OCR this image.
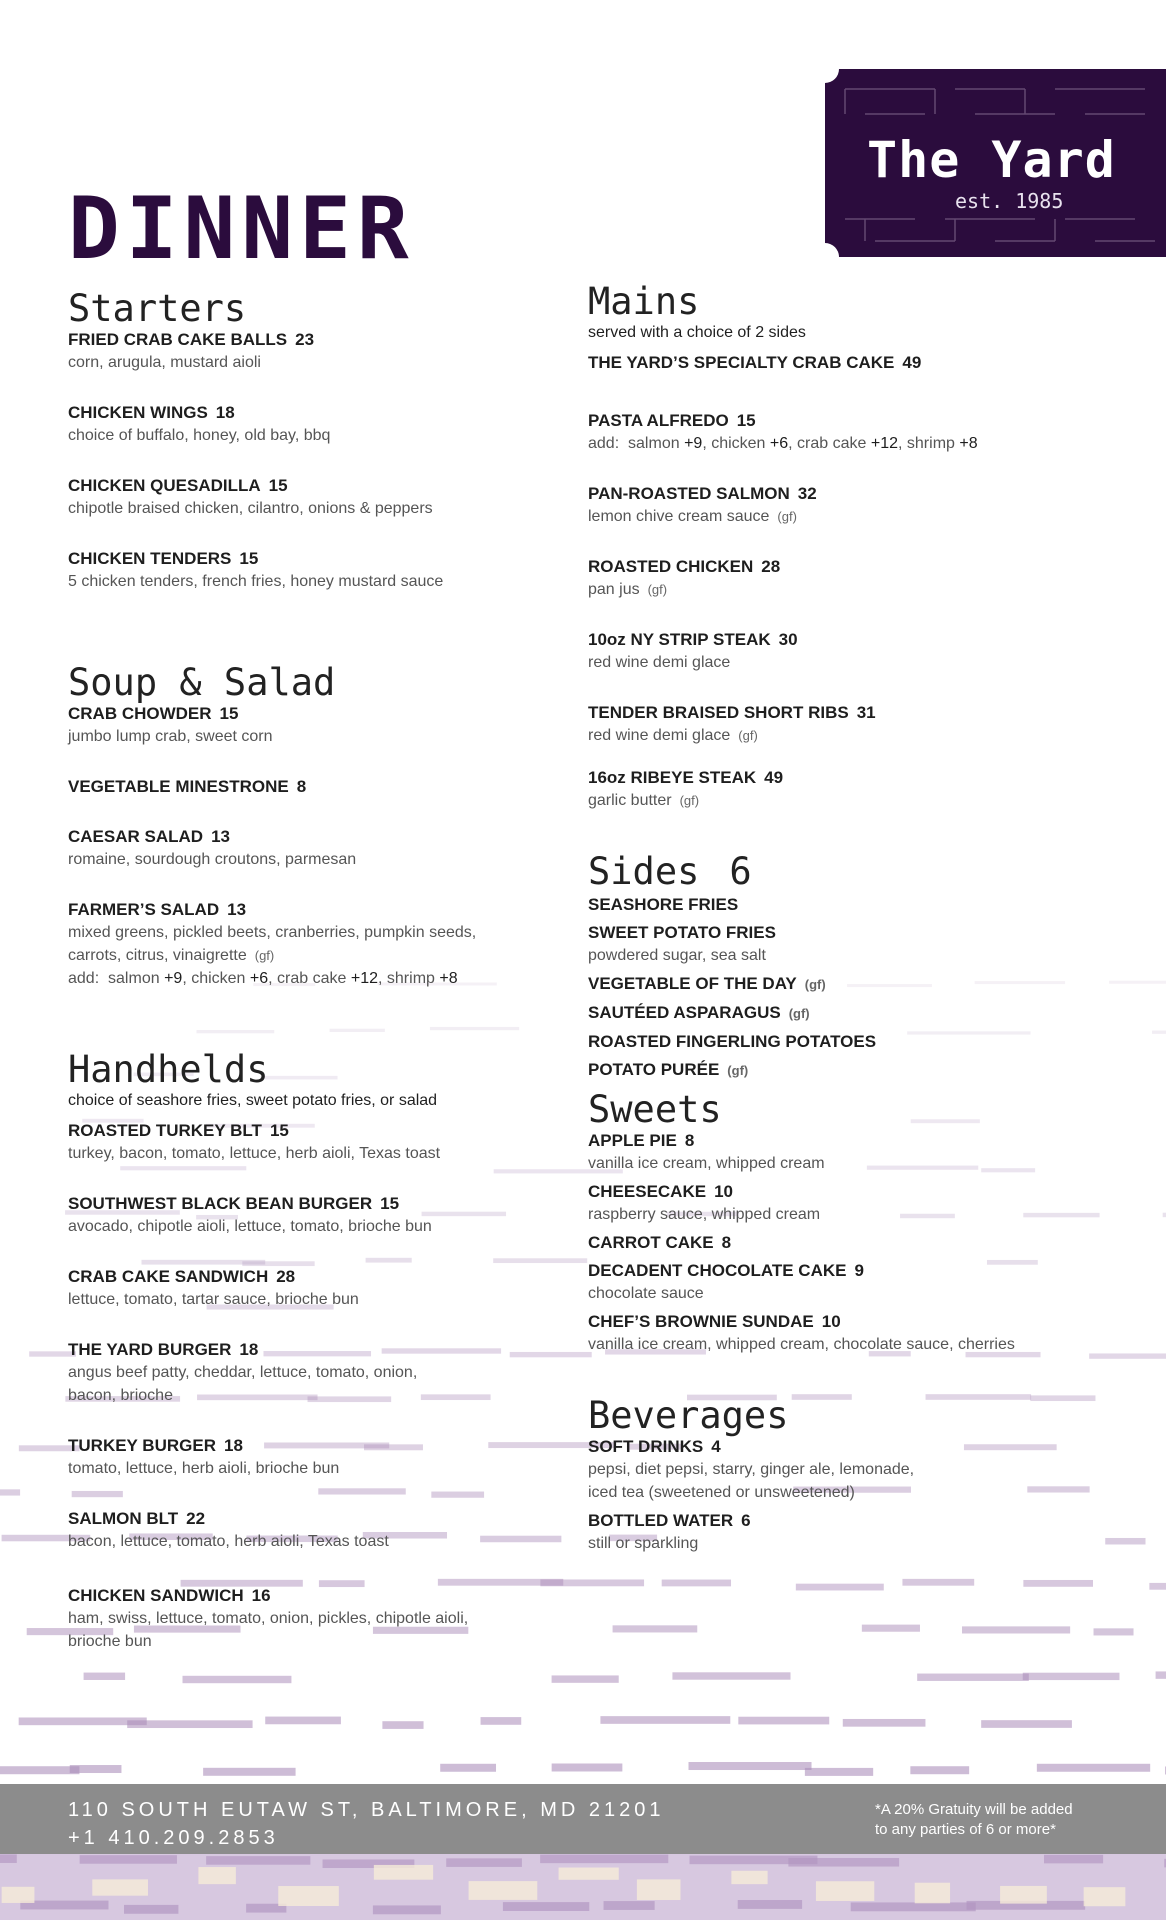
The Yard
est. 1985
DINNER
Starters
FRIED CRAB CAKE BALLS 23
corn, arugula, mustard aioli
CHICKEN WINGS 18
choice of buffalo, honey, old bay, bbq
CHICKEN QUESADILLA 15
chipotle braised chicken, cilantro, onions & peppers
CHICKEN TENDERS 15
5 chicken tenders, french fries, honey mustard sauce
Soup & Salad
CRAB CHOWDER 15
jumbo lump crab, sweet corn
VEGETABLE MINESTRONE 8
CAESAR SALAD 13
romaine, sourdough croutons, parmesan
FARMER’S SALAD 13
mixed greens, pickled beets, cranberries, pumpkin seeds,
carrots, citrus, vinaigrette (gf)
add: salmon +9, chicken +6, crab cake +12, shrimp +8
Handhelds
choice of seashore fries, sweet potato fries, or salad
ROASTED TURKEY BLT 15
turkey, bacon, tomato, lettuce, herb aioli, Texas toast
SOUTHWEST BLACK BEAN BURGER 15
avocado, chipotle aioli, lettuce, tomato, brioche bun
CRAB CAKE SANDWICH 28
lettuce, tomato, tartar sauce, brioche bun
THE YARD BURGER 18
angus beef patty, cheddar, lettuce, tomato, onion,
bacon, brioche
TURKEY BURGER 18
tomato, lettuce, herb aioli, brioche bun
SALMON BLT 22
bacon, lettuce, tomato, herb aioli, Texas toast
CHICKEN SANDWICH 16
ham, swiss, lettuce, tomato, onion, pickles, chipotle aioli,
brioche bun
Mains
served with a choice of 2 sides
THE YARD’S SPECIALTY CRAB CAKE 49
PASTA ALFREDO 15
add: salmon +9, chicken +6, crab cake +12, shrimp +8
PAN-ROASTED SALMON 32
lemon chive cream sauce (gf)
ROASTED CHICKEN 28
pan jus (gf)
10oz NY STRIP STEAK 30
red wine demi glace
TENDER BRAISED SHORT RIBS 31
red wine demi glace (gf)
16oz RIBEYE STEAK 49
garlic butter (gf)
Sides 6
SEASHORE FRIES
SWEET POTATO FRIES
powdered sugar, sea salt
VEGETABLE OF THE DAY (gf)
SAUTÉED ASPARAGUS (gf)
ROASTED FINGERLING POTATOES
POTATO PURÉE (gf)
Sweets
APPLE PIE 8
vanilla ice cream, whipped cream
CHEESECAKE 10
raspberry sauce, whipped cream
CARROT CAKE 8
DECADENT CHOCOLATE CAKE 9
chocolate sauce
CHEF’S BROWNIE SUNDAE 10
vanilla ice cream, whipped cream, chocolate sauce, cherries
Beverages
SOFT DRINKS 4
pepsi, diet pepsi, starry, ginger ale, lemonade,
iced tea (sweetened or unsweetened)
BOTTLED WATER 6
still or sparkling
110 SOUTH EUTAW ST, BALTIMORE, MD 21201
+1 410.209.2853
*A 20% Gratuity will be added
to any parties of 6 or more*
